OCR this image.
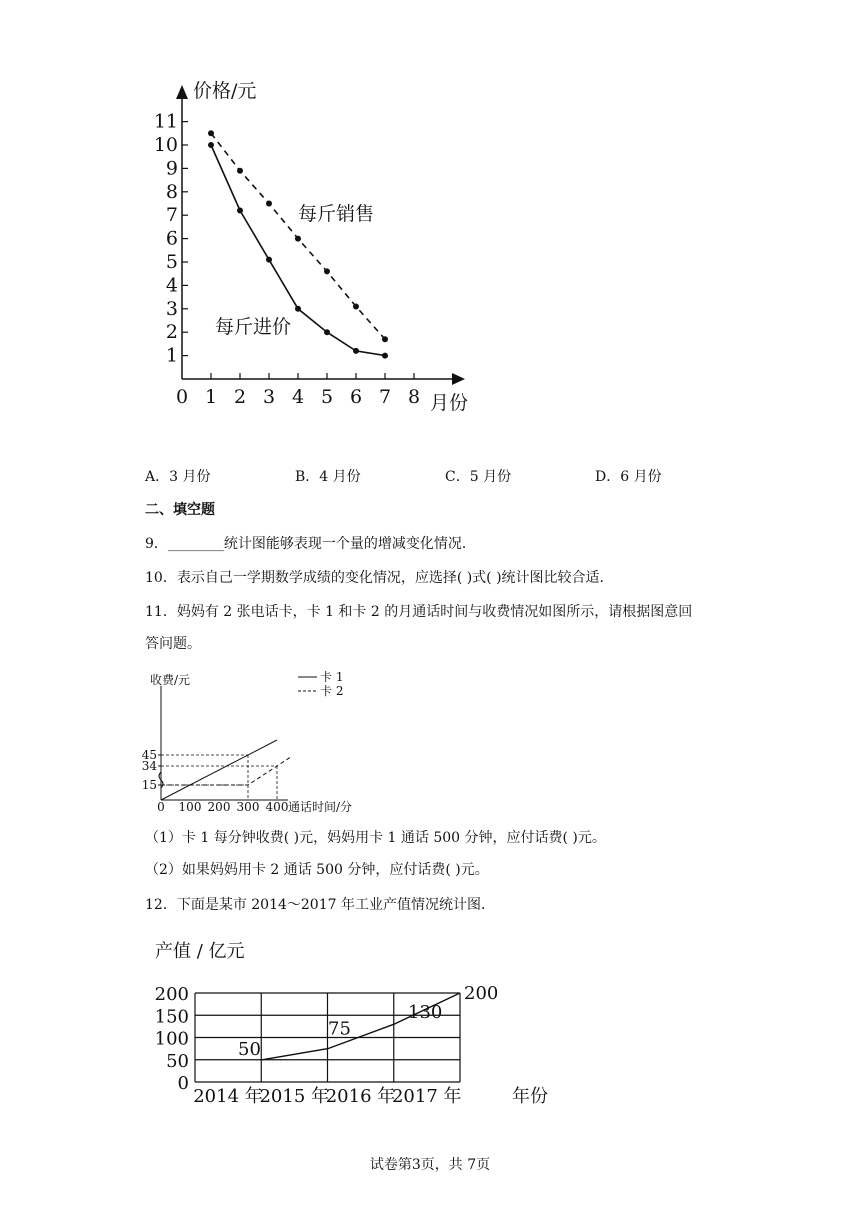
1
2
3
4
5
6
7
8
9
10
11
0 1 2 3 4 5 6 7 8
价格/元
月份
每斤销售
每斤进价
A．3 月份	B．4 月份	C．5 月份	D．6 月份
二、填空题
9．________统计图能够表现一个量的增减变化情况．
10．表示自己一学期数学成绩的变化情况，应选择( )式( )统计图比较合适．
11．妈妈有 2 张电话卡，卡 1 和卡 2 的月通话时间与收费情况如图所示，请根据图意回
答问题。
15
34
45
0 100 200 300 400
收费/元
通话时间/分
卡 1
卡 2
（1）卡 1 每分钟收费( )元，妈妈用卡 1 通话 500 分钟，应付话费( )元。
（2）如果妈妈用卡 2 通话 500 分钟，应付话费( )元。
12．下面是某市 2014～2017 年工业产值情况统计图．
产值 / 亿元
0
50
100
150
200
2014 年
2015 年
2016 年
2017 年	年份
50
75
130
200
试卷第3页，共 7页
